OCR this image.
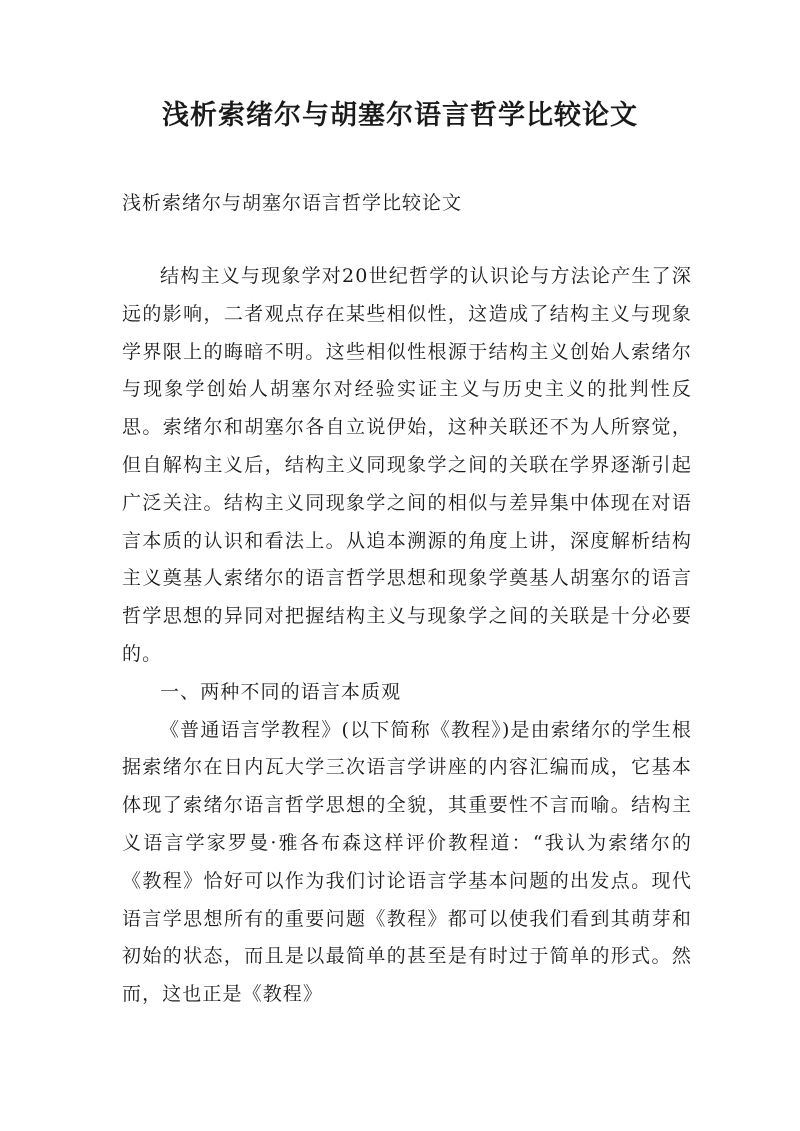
浅析索绪尔与胡塞尔语言哲学比较论文

浅析索绪尔与胡塞尔语言哲学比较论文

结构主义与现象学对20世纪哲学的认识论与方法论产生了深远的影响，二者观点存在某些相似性，这造成了结构主义与现象学界限上的晦暗不明。这些相似性根源于结构主义创始人索绪尔与现象学创始人胡塞尔对经验实证主义与历史主义的批判性反思。索绪尔和胡塞尔各自立说伊始，这种关联还不为人所察觉，但自解构主义后，结构主义同现象学之间的关联在学界逐渐引起广泛关注。结构主义同现象学之间的相似与差异集中体现在对语言本质的认识和看法上。从追本溯源的角度上讲，深度解析结构主义奠基人索绪尔的语言哲学思想和现象学奠基人胡塞尔的语言哲学思想的异同对把握结构主义与现象学之间的关联是十分必要的。

一、两种不同的语言本质观

《普通语言学教程》(以下简称《教程》)是由索绪尔的学生根据索绪尔在日内瓦大学三次语言学讲座的内容汇编而成，它基本体现了索绪尔语言哲学思想的全貌，其重要性不言而喻。结构主义语言学家罗曼·雅各布森这样评价教程道：“我认为索绪尔的《教程》恰好可以作为我们讨论语言学基本问题的出发点。现代语言学思想所有的重要问题《教程》都可以使我们看到其萌芽和初始的状态，而且是以最简单的甚至是有时过于简单的形式。然而，这也正是《教程》
